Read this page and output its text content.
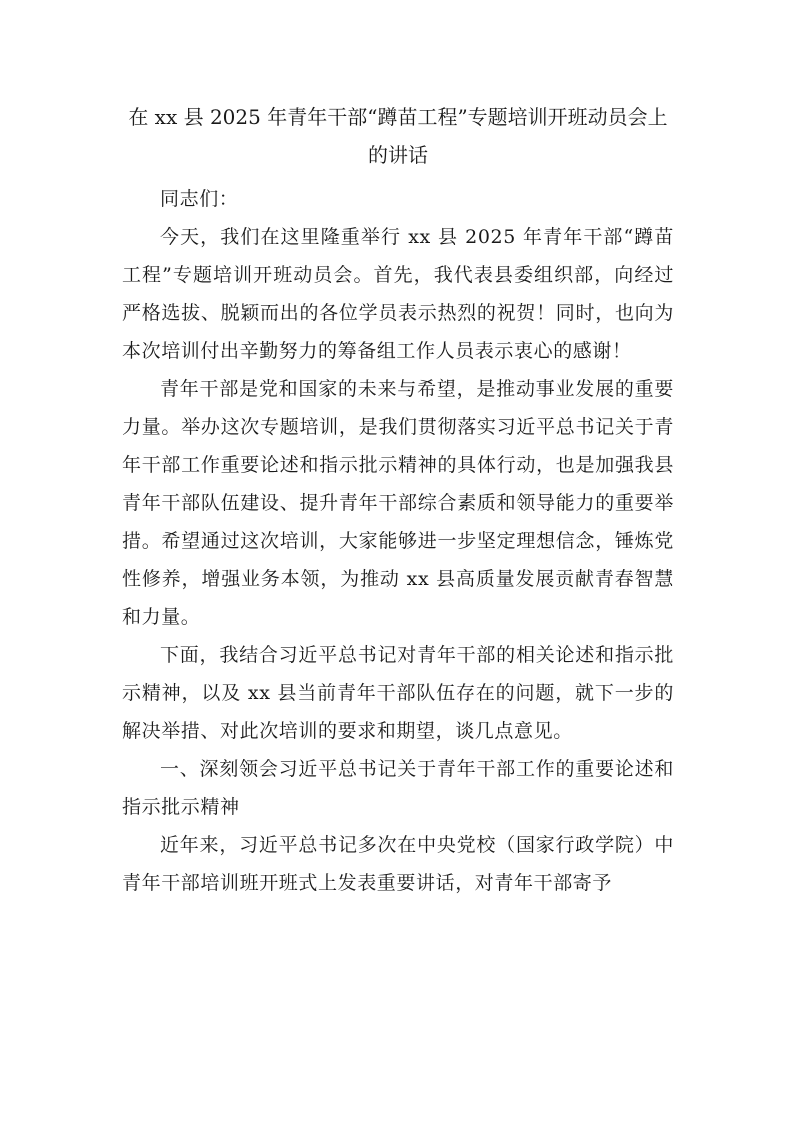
在 xx 县 2025 年青年干部“蹲苗工程”专题培训开班动员会上的讲话

同志们：

今天，我们在这里隆重举行 xx 县 2025 年青年干部“蹲苗工程”专题培训开班动员会。首先，我代表县委组织部，向经过严格选拔、脱颖而出的各位学员表示热烈的祝贺！同时，也向为本次培训付出辛勤努力的筹备组工作人员表示衷心的感谢！

青年干部是党和国家的未来与希望，是推动事业发展的重要力量。举办这次专题培训，是我们贯彻落实习近平总书记关于青年干部工作重要论述和指示批示精神的具体行动，也是加强我县青年干部队伍建设、提升青年干部综合素质和领导能力的重要举措。希望通过这次培训，大家能够进一步坚定理想信念，锤炼党性修养，增强业务本领，为推动 xx 县高质量发展贡献青春智慧和力量。

下面，我结合习近平总书记对青年干部的相关论述和指示批示精神，以及 xx 县当前青年干部队伍存在的问题，就下一步的解决举措、对此次培训的要求和期望，谈几点意见。

一、深刻领会习近平总书记关于青年干部工作的重要论述和指示批示精神

近年来，习近平总书记多次在中央党校（国家行政学院）中青年干部培训班开班式上发表重要讲话，对青年干部寄予
